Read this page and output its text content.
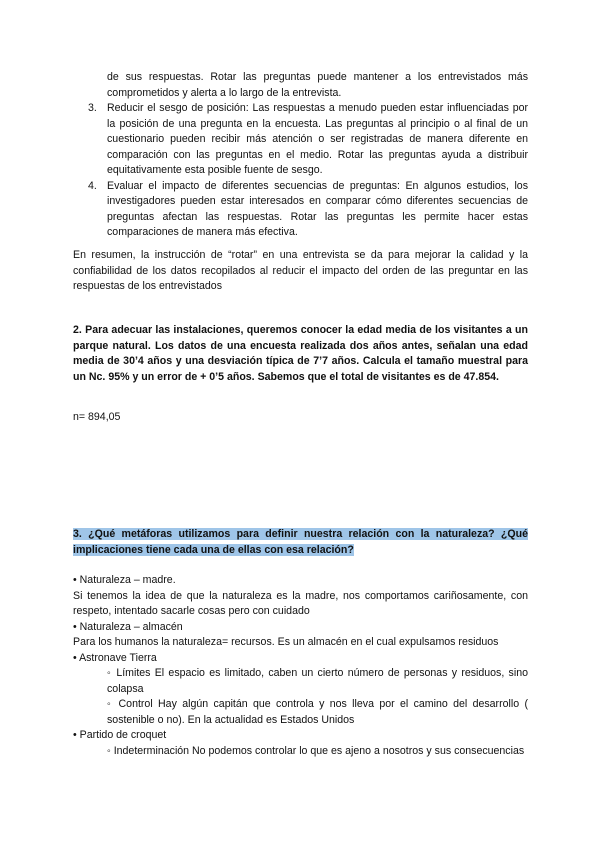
de sus respuestas. Rotar las preguntas puede mantener a los entrevistados más comprometidos y alerta a lo largo de la entrevista.
3. Reducir el sesgo de posición: Las respuestas a menudo pueden estar influenciadas por la posición de una pregunta en la encuesta. Las preguntas al principio o al final de un cuestionario pueden recibir más atención o ser registradas de manera diferente en comparación con las preguntas en el medio. Rotar las preguntas ayuda a distribuir equitativamente esta posible fuente de sesgo.
4. Evaluar el impacto de diferentes secuencias de preguntas: En algunos estudios, los investigadores pueden estar interesados en comparar cómo diferentes secuencias de preguntas afectan las respuestas. Rotar las preguntas les permite hacer estas comparaciones de manera más efectiva.
En resumen, la instrucción de “rotar” en una entrevista se da para mejorar la calidad y la confiabilidad de los datos recopilados al reducir el impacto del orden de las preguntar en las respuestas de los entrevistados
2. Para adecuar las instalaciones, queremos conocer la edad media de los visitantes a un parque natural. Los datos de una encuesta realizada dos años antes, señalan una edad media de 30’4 años y una desviación típica de 7’7 años. Calcula el tamaño muestral para un Nc. 95% y un error de + 0’5 años. Sabemos que el total de visitantes es de 47.854.
n= 894,05
3. ¿Qué metáforas utilizamos para definir nuestra relación con la naturaleza? ¿Qué implicaciones tiene cada una de ellas con esa relación?
• Naturaleza – madre.
Si tenemos la idea de que la naturaleza es la madre, nos comportamos cariñosamente, con respeto, intentado sacarle cosas pero con cuidado
• Naturaleza – almacén
Para los humanos la naturaleza= recursos. Es un almacén en el cual expulsamos residuos
• Astronave Tierra
◦ Límites El espacio es limitado, caben un cierto número de personas y residuos, sino colapsa
◦ Control Hay algún capitán que controla y nos lleva por el camino del desarrollo ( sostenible o no). En la actualidad es Estados Unidos
• Partido de croquet
◦ Indeterminación No podemos controlar lo que es ajeno a nosotros y sus consecuencias
